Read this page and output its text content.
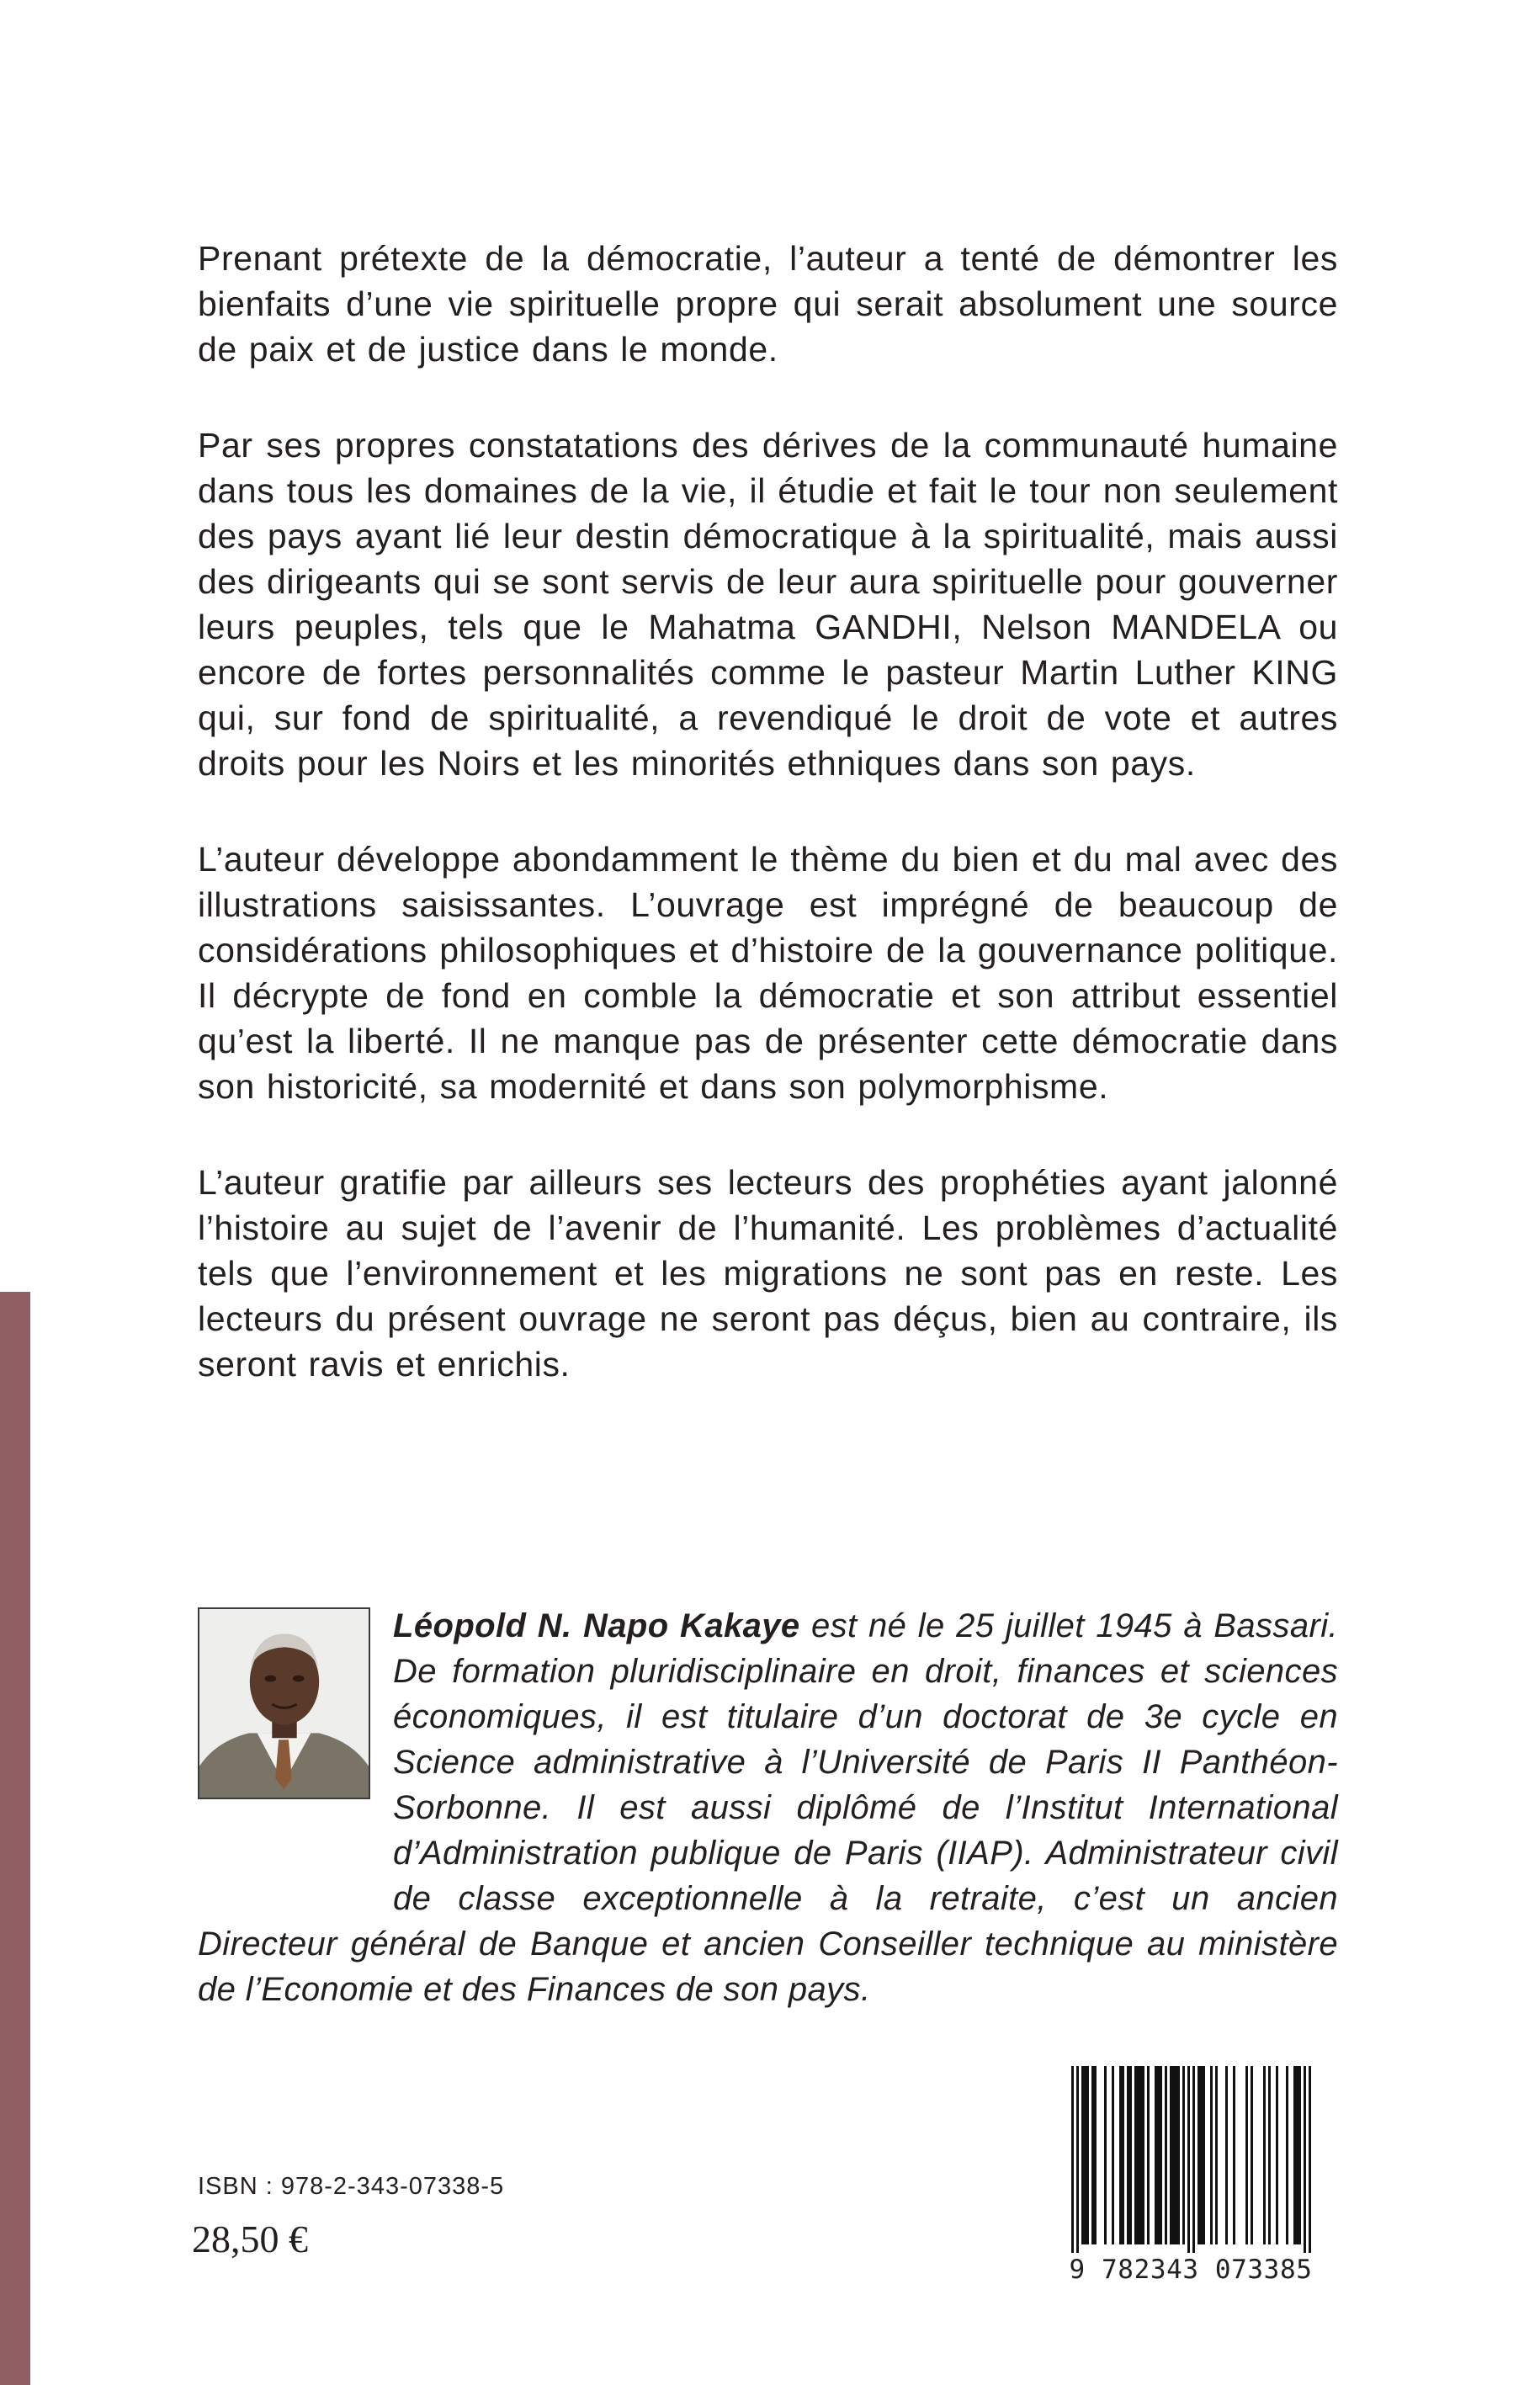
Prenant prétexte de la démocratie, l’auteur a tenté de démontrer les bienfaits d’une vie spirituelle propre qui serait absolument une source de paix et de justice dans le monde.

Par ses propres constatations des dérives de la communauté humaine dans tous les domaines de la vie, il étudie et fait le tour non seulement des pays ayant lié leur destin démocratique à la spiritualité, mais aussi des dirigeants qui se sont servis de leur aura spirituelle pour gouverner leurs peuples, tels que le Mahatma GANDHI, Nelson MANDELA ou encore de fortes personnalités comme le pasteur Martin Luther KING qui, sur fond de spiritualité, a revendiqué le droit de vote et autres droits pour les Noirs et les minorités ethniques dans son pays.

L’auteur développe abondamment le thème du bien et du mal avec des illustrations saisissantes. L’ouvrage est imprégné de beaucoup de considérations philosophiques et d’histoire de la gouvernance politique. Il décrypte de fond en comble la démocratie et son attribut essentiel qu’est la liberté. Il ne manque pas de présenter cette démocratie dans son historicité, sa modernité et dans son polymorphisme.

L’auteur gratifie par ailleurs ses lecteurs des prophéties ayant jalonné l’histoire au sujet de l’avenir de l’humanité. Les problèmes d’actualité tels que l’environnement et les migrations ne sont pas en reste. Les lecteurs du présent ouvrage ne seront pas déçus, bien au contraire, ils seront ravis et enrichis.

Léopold N. Napo Kakaye est né le 25 juillet 1945 à Bassari. De formation pluridisciplinaire en droit, finances et sciences économiques, il est titulaire d’un doctorat de 3e cycle en Science administrative à l’Université de Paris II Panthéon-Sorbonne. Il est aussi diplômé de l’Institut International d’Administration publique de Paris (IIAP). Administrateur civil de classe exceptionnelle à la retraite, c’est un ancien Directeur général de Banque et ancien Conseiller technique au ministère de l’Economie et des Finances de son pays.
ISBN : 978-2-343-07338-5
28,50 €
9 782343 073385
